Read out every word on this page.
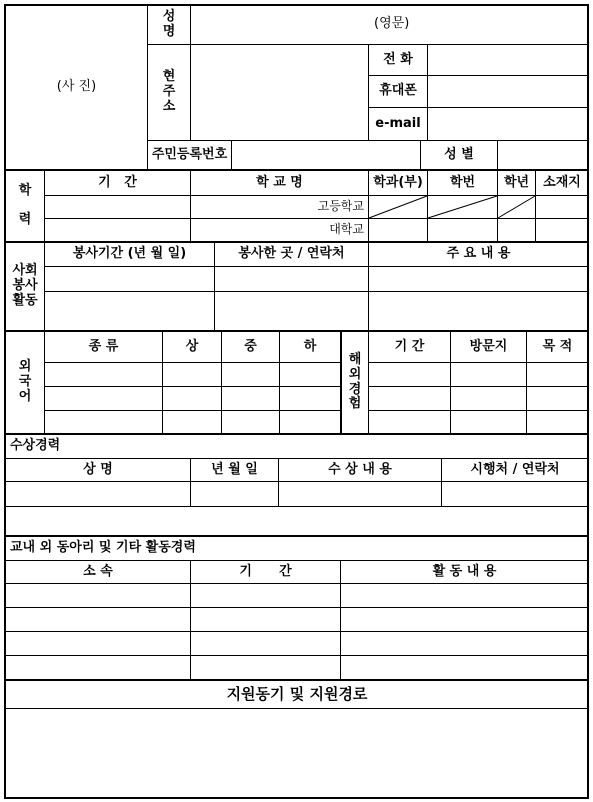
(사 진)
성
명	(영문)
현
주
소
전 화
휴대폰
e-mail
주민등록번호	성 별
학

력
기   간	학 교 명	학과(부)	학번	학년	소재지
고등학교
대학교
사회
봉사
활동
봉사기간 (년 월 일)	봉사한 곳 / 연락처	주 요 내 용
외
국
어
종 류	상	중	하
해
외
경
험
기 간	방문지	목 적
수상경력
상 명	년 월 일	수 상 내 용	시행처 / 연락처
교내 외 동아리 및 기타 활동경력
소 속	기      간	활 동 내 용
지원동기 및 지원경로
